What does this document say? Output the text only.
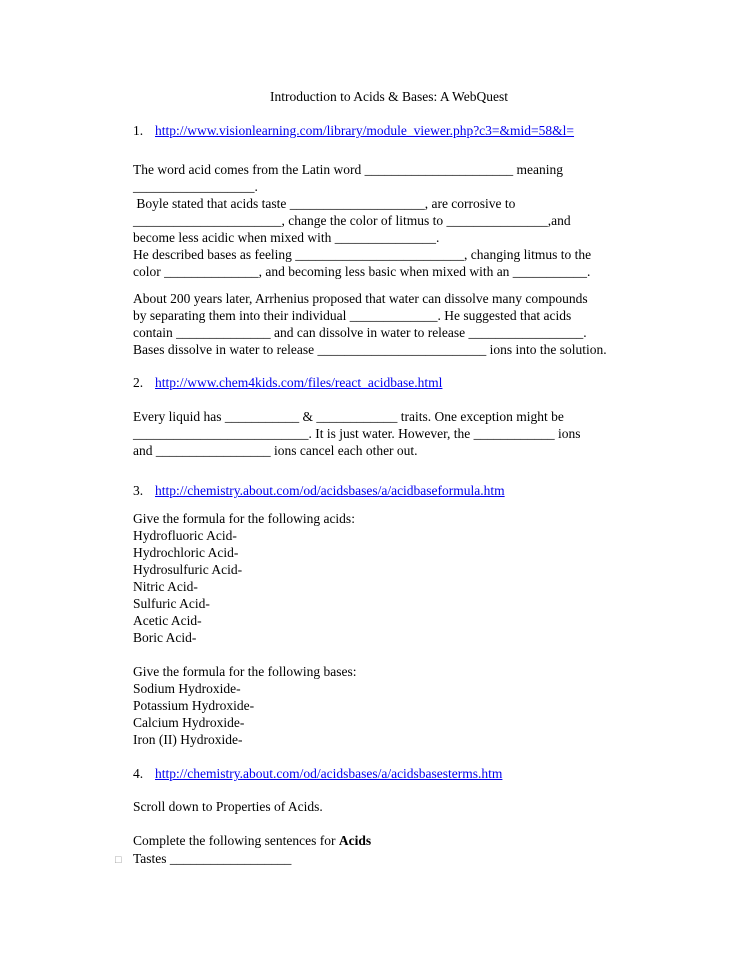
Introduction to Acids & Bases: A WebQuest
1. http://www.visionlearning.com/library/module_viewer.php?c3=&mid=58&l=
The word acid comes from the Latin word ______________________ meaning
__________________.
Boyle stated that acids taste ____________________, are corrosive to
______________________, change the color of litmus to _______________,and
become less acidic when mixed with _______________.
He described bases as feeling _________________________, changing litmus to the
color ______________, and becoming less basic when mixed with an ___________.
About 200 years later, Arrhenius proposed that water can dissolve many compounds
by separating them into their individual _____________. He suggested that acids
contain ______________ and can dissolve in water to release _________________.
Bases dissolve in water to release _________________________ ions into the solution.
2. http://www.chem4kids.com/files/react_acidbase.html
Every liquid has ___________ & ____________ traits. One exception might be
__________________________. It is just water. However, the ____________ ions
and _________________ ions cancel each other out.
3. http://chemistry.about.com/od/acidsbases/a/acidbaseformula.htm
Give the formula for the following acids:
Hydrofluoric Acid-
Hydrochloric Acid-
Hydrosulfuric Acid-
Nitric Acid-
Sulfuric Acid-
Acetic Acid-
Boric Acid-
Give the formula for the following bases:
Sodium Hydroxide-
Potassium Hydroxide-
Calcium Hydroxide-
Iron (II) Hydroxide-
4. http://chemistry.about.com/od/acidsbases/a/acidsbasesterms.htm
Scroll down to Properties of Acids.
Complete the following sentences for Acids
□ Tastes __________________
